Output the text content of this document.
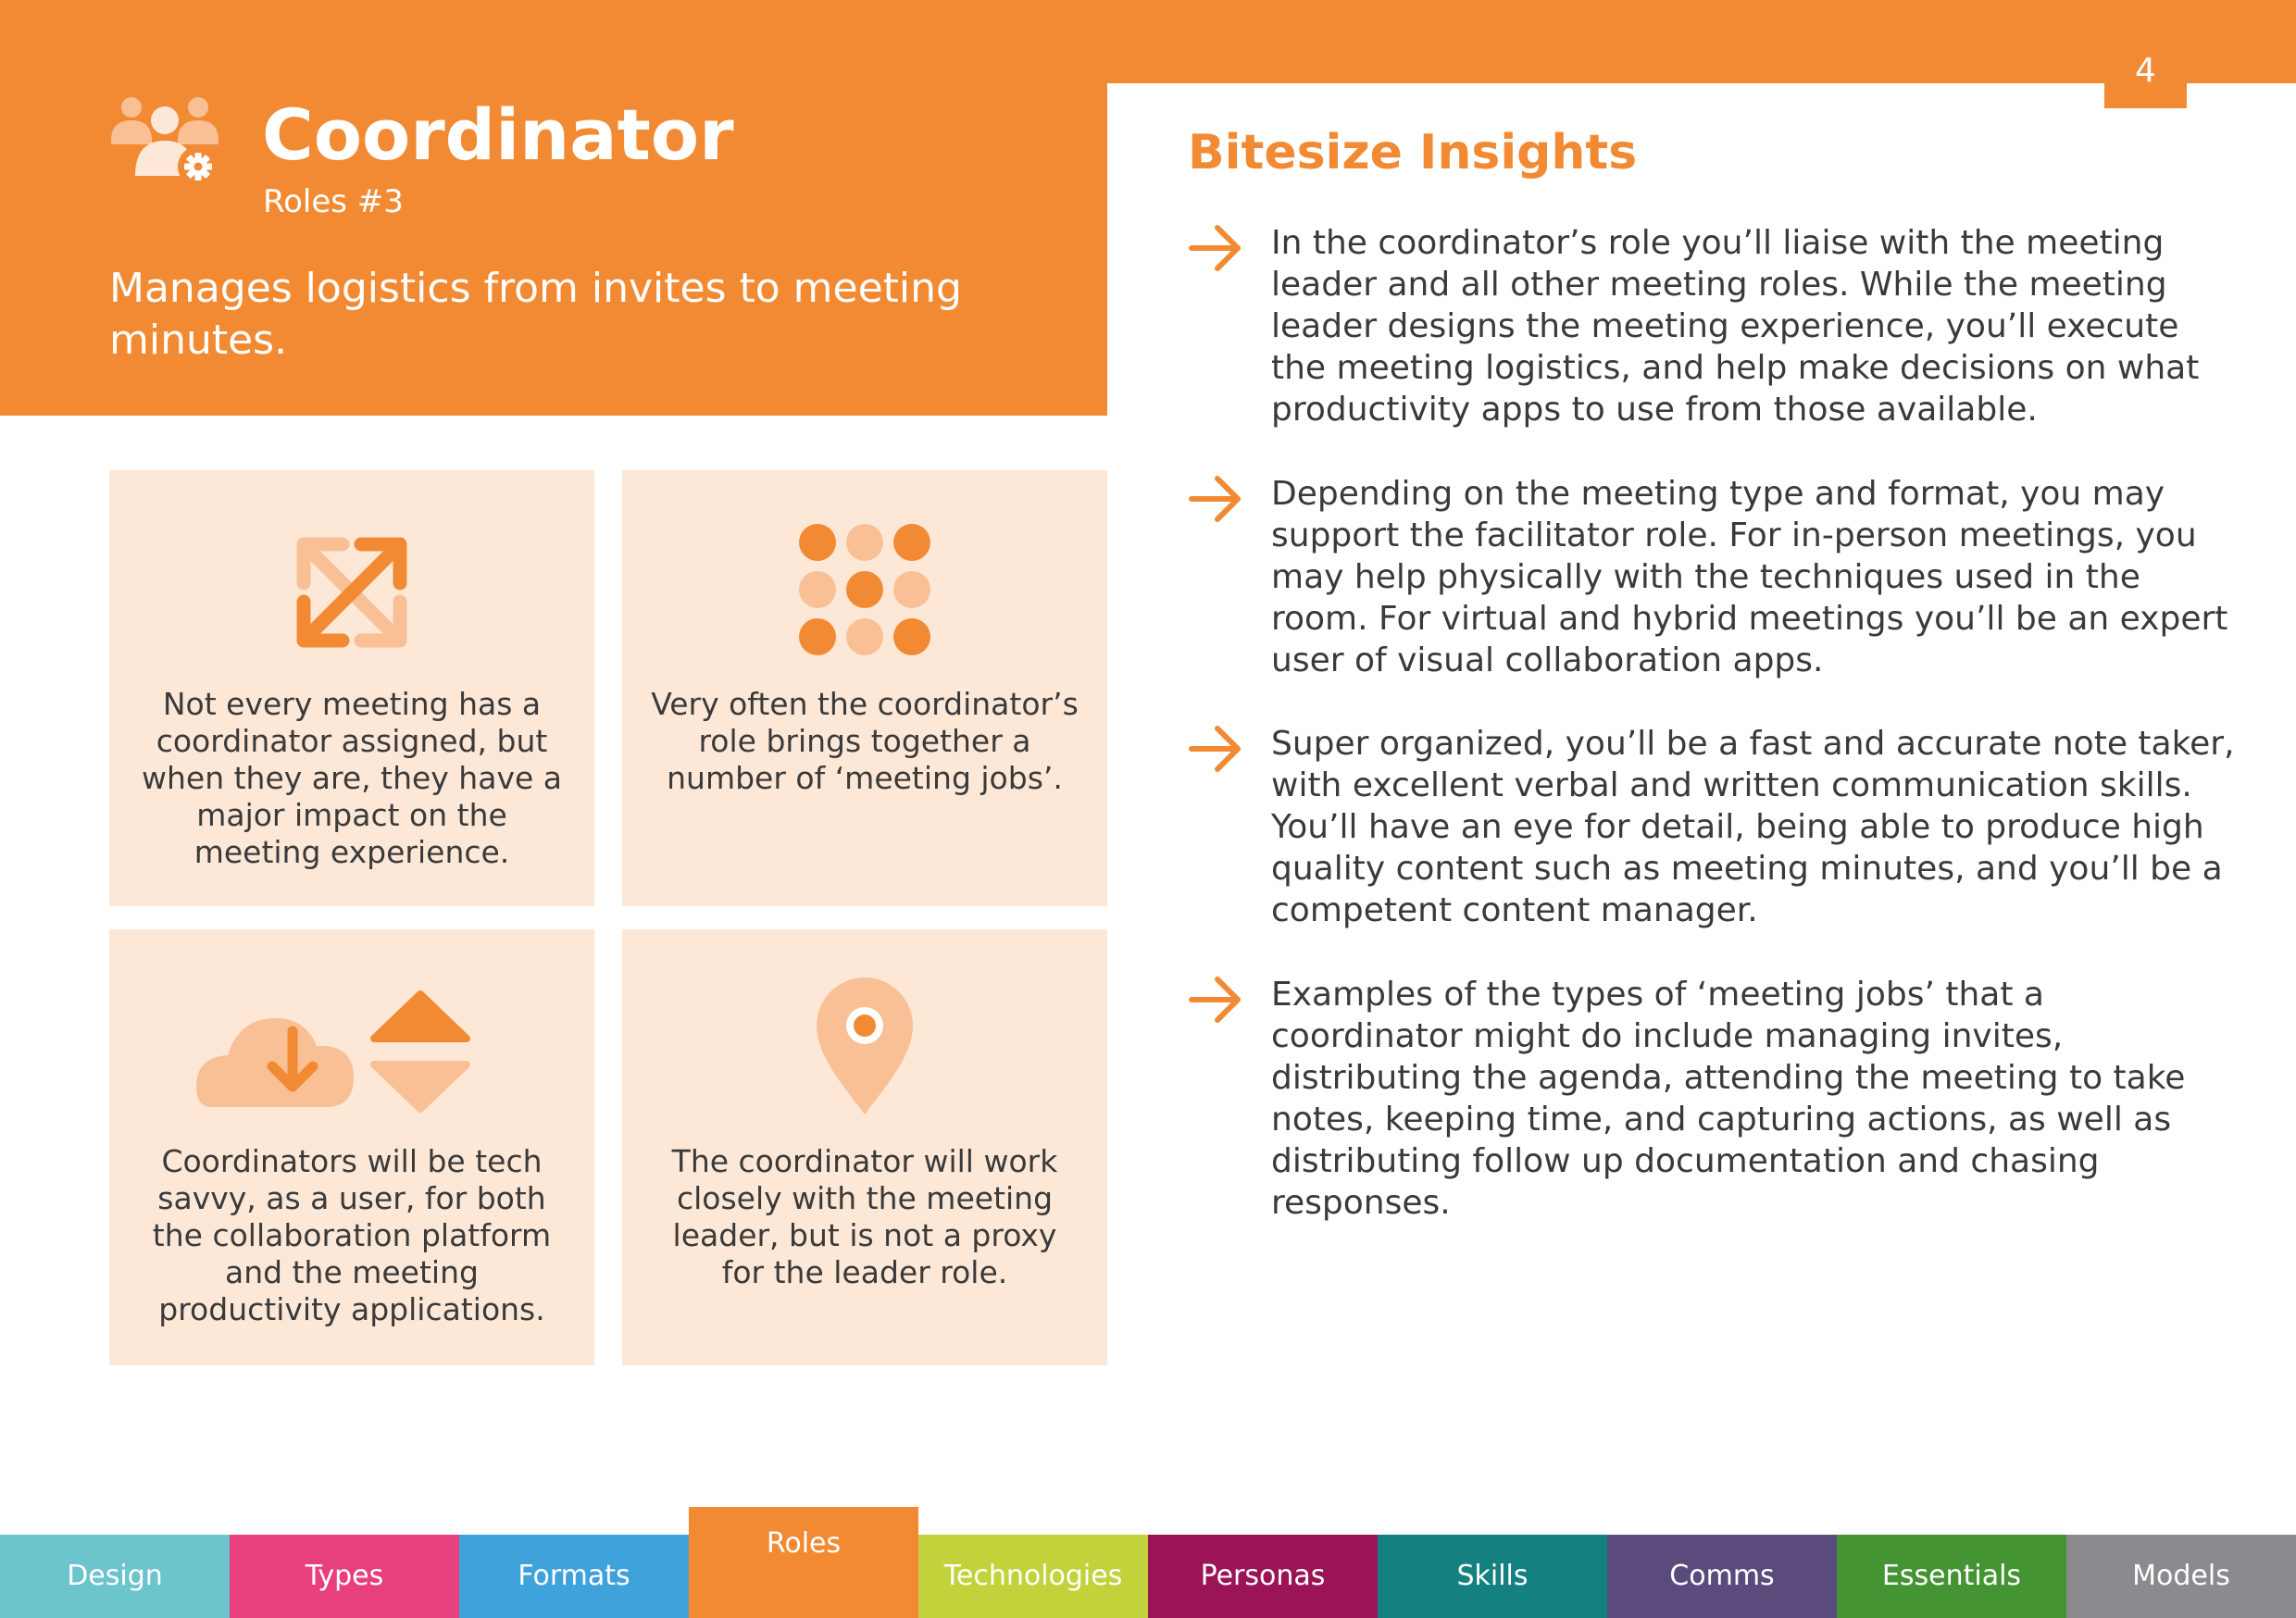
4
Coordinator
Roles #3
Manages logistics from invites to meeting minutes.
Not every meeting has a coordinator assigned, but when they are, they have a major impact on the meeting experience.
Very often the coordinator’s role brings together a number of ‘meeting jobs’.
Coordinators will be tech savvy, as a user, for both the collaboration platform and the meeting productivity applications.
The coordinator will work closely with the meeting leader, but is not a proxy for the leader role.
Bitesize Insights
In the coordinator’s role you’ll liaise with the meeting leader and all other meeting roles. While the meeting leader designs the meeting experience, you’ll execute the meeting logistics, and help make decisions on what productivity apps to use from those available.
Depending on the meeting type and format, you may support the facilitator role. For in-person meetings, you may help physically with the techniques used in the room. For virtual and hybrid meetings you’ll be an expert user of visual collaboration apps.
Super organized, you’ll be a fast and accurate note taker, with excellent verbal and written communication skills. You’ll have an eye for detail, being able to produce high quality content such as meeting minutes, and you’ll be a competent content manager.
Examples of the types of ‘meeting jobs’ that a coordinator might do include managing invites, distributing the agenda, attending the meeting to take notes, keeping time, and capturing actions, as well as distributing follow up documentation and chasing responses.
Design	Types	Formats
Roles
Technologies	Personas	Skills	Comms	Essentials	Models
